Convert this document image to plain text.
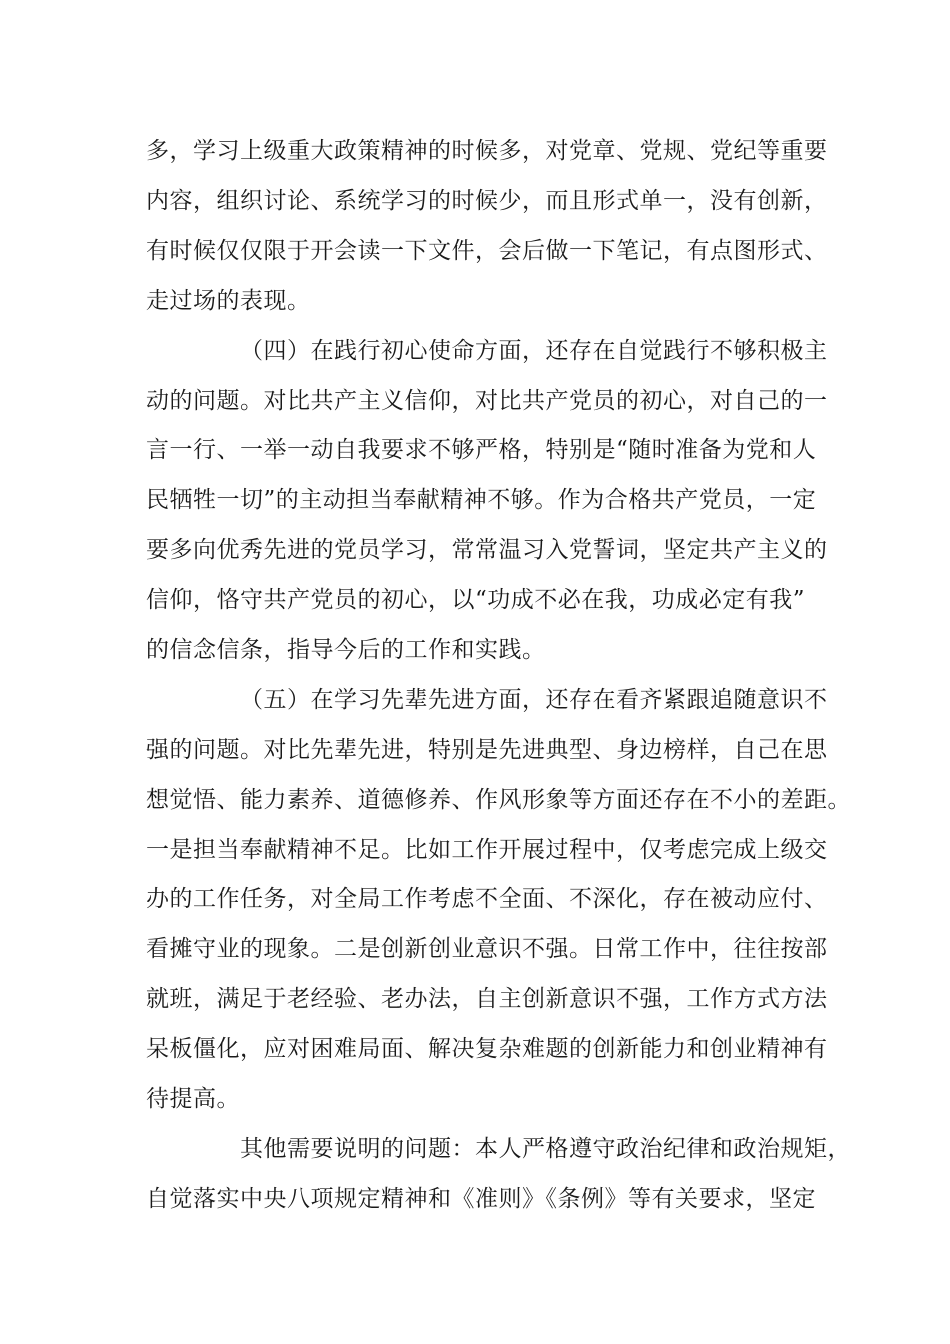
多，学习上级重大政策精神的时候多，对党章、党规、党纪等重要
内容，组织讨论、系统学习的时候少，而且形式单一，没有创新，
有时候仅仅限于开会读一下文件，会后做一下笔记，有点图形式、
走过场的表现。
（四）在践行初心使命方面，还存在自觉践行不够积极主
动的问题。对比共产主义信仰，对比共产党员的初心，对自己的一
言一行、一举一动自我要求不够严格，特别是“随时准备为党和人
民牺牲一切”的主动担当奉献精神不够。作为合格共产党员，一定
要多向优秀先进的党员学习，常常温习入党誓词，坚定共产主义的
信仰，恪守共产党员的初心，以“功成不必在我，功成必定有我”
的信念信条，指导今后的工作和实践。
（五）在学习先辈先进方面，还存在看齐紧跟追随意识不
强的问题。对比先辈先进，特别是先进典型、身边榜样，自己在思
想觉悟、能力素养、道德修养、作风形象等方面还存在不小的差距。
一是担当奉献精神不足。比如工作开展过程中，仅考虑完成上级交
办的工作任务，对全局工作考虑不全面、不深化，存在被动应付、
看摊守业的现象。二是创新创业意识不强。日常工作中，往往按部
就班，满足于老经验、老办法，自主创新意识不强，工作方式方法
呆板僵化，应对困难局面、解决复杂难题的创新能力和创业精神有
待提高。
其他需要说明的问题：本人严格遵守政治纪律和政治规矩，
自觉落实中央八项规定精神和《准则》《条例》等有关要求，坚定
